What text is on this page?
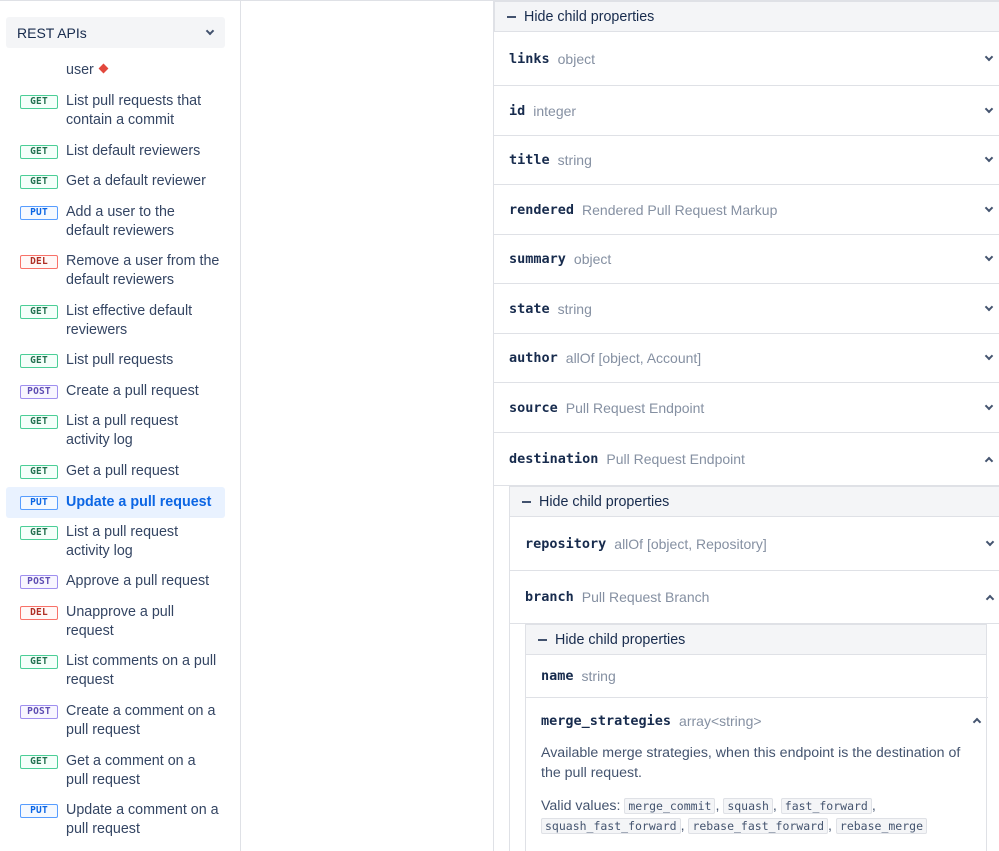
REST APIs
user
GET	List pull requests that contain a commit
GET	List default reviewers
GET	Get a default reviewer
PUT	Add a user to the default reviewers
DEL	Remove a user from the default reviewers
GET	List effective default reviewers
GET	List pull requests
POST	Create a pull request
GET	List a pull request activity log
GET	Get a pull request
PUT	Update a pull request
GET	List a pull request activity log
POST	Approve a pull request
DEL	Unapprove a pull request
GET	List comments on a pull request
POST	Create a comment on a pull request
GET	Get a comment on a pull request
PUT	Update a comment on a pull request
Hide child properties
links object
id integer
title string
rendered Rendered Pull Request Markup
summary object
state string
author allOf [object, Account]
source Pull Request Endpoint
destination Pull Request Endpoint
Hide child properties
repository allOf [object, Repository]
branch Pull Request Branch
Hide child properties
name string
merge_strategies array<string>
Available merge strategies, when this endpoint is the destination of the pull request.
Valid values: merge_commit , squash , fast_forward ,
squash_fast_forward , rebase_fast_forward , rebase_merge
